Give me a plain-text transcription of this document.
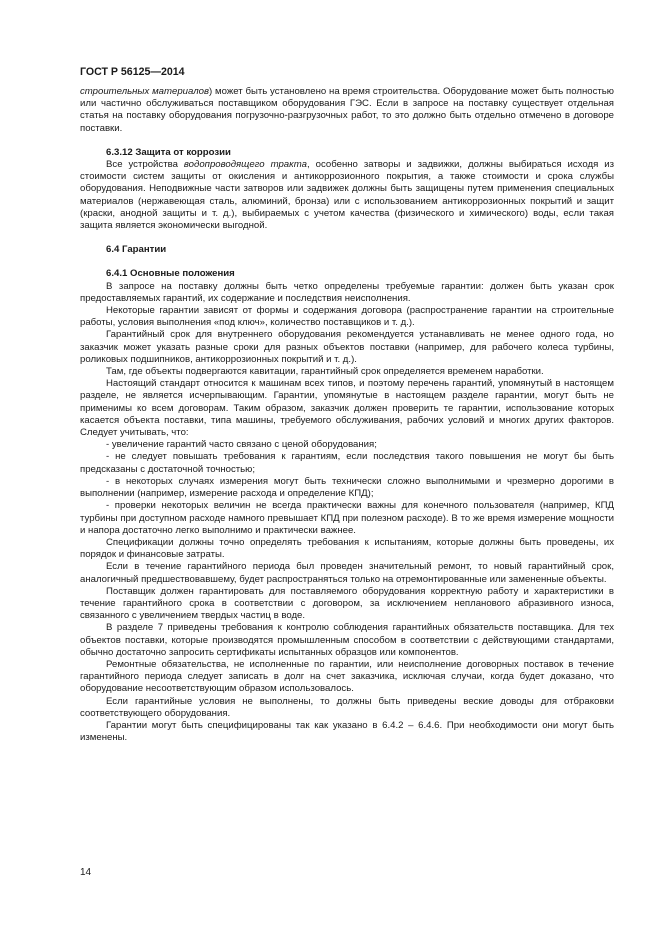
ГОСТ Р 56125—2014

строительных материалов) может быть установлено на время строительства. Оборудование может быть полностью или частично обслуживаться поставщиком оборудования ГЭС. Если в запросе на поставку существует отдельная статья на поставку оборудования погрузочно-разгрузочных работ, то это должно быть отдельно отмечено в договоре поставки.

6.3.12 Защита от коррозии

Все устройства водопроводящего тракта, особенно затворы и задвижки, должны выбираться исходя из стоимости систем защиты от окисления и антикоррозионного покрытия, а также стоимости и срока службы оборудования. Неподвижные части затворов или задвижек должны быть защищены путем применения специальных материалов (нержавеющая сталь, алюминий, бронза) или с использованием антикоррозионных покрытий и защит (краски, анодной защиты и т. д.), выбираемых с учетом качества (физического и химического) воды, если такая защита является экономически выгодной.

6.4 Гарантии
6.4.1 Основные положения

В запросе на поставку должны быть четко определены требуемые гарантии: должен быть указан срок предоставляемых гарантий, их содержание и последствия неисполнения.

Некоторые гарантии зависят от формы и содержания договора (распространение гарантии на строительные работы, условия выполнения «под ключ», количество поставщиков и т. д.).

Гарантийный срок для внутреннего оборудования рекомендуется устанавливать не менее одного года, но заказчик может указать разные сроки для разных объектов поставки (например, для рабочего колеса турбины, роликовых подшипников, антикоррозионных покрытий и т. д.).

Там, где объекты подвергаются кавитации, гарантийный срок определяется временем наработки.

Настоящий стандарт относится к машинам всех типов, и поэтому перечень гарантий, упомянутый в настоящем разделе, не является исчерпывающим. Гарантии, упомянутые в настоящем разделе гарантии, могут быть не применимы ко всем договорам. Таким образом, заказчик должен проверить те гарантии, использование которых касается объекта поставки, типа машины, требуемого обслуживания, рабочих условий и многих других факторов. Следует учитывать, что:

- увеличение гарантий часто связано с ценой оборудования;

- не следует повышать требования к гарантиям, если последствия такого повышения не могут бы быть предсказаны с достаточной точностью;

- в некоторых случаях измерения могут быть технически сложно выполнимыми и чрезмерно дорогими в выполнении (например, измерение расхода и определение КПД);

- проверки некоторых величин не всегда практически важны для конечного пользователя (например, КПД турбины при доступном расходе намного превышает КПД при полезном расходе). В то же время измерение мощности и напора достаточно легко выполнимо и практически важнее.

Спецификации должны точно определять требования к испытаниям, которые должны быть проведены, их порядок и финансовые затраты.

Если в течение гарантийного периода был проведен значительный ремонт, то новый гарантийный срок, аналогичный предшествовавшему, будет распространяться только на отремонтированные или замененные объекты.

Поставщик должен гарантировать для поставляемого оборудования корректную работу и характеристики в течение гарантийного срока в соответствии с договором, за исключением непланового абразивного износа, связанного с увеличением твердых частиц в воде.

В разделе 7 приведены требования к контролю соблюдения гарантийных обязательств поставщика. Для тех объектов поставки, которые производятся промышленным способом в соответствии с действующими стандартами, обычно достаточно запросить сертификаты испытанных образцов или компонентов.

Ремонтные обязательства, не исполненные по гарантии, или неисполнение договорных поставок в течение гарантийного периода следует записать в долг на счет заказчика, исключая случаи, когда будет доказано, что оборудование несоответствующим образом использовалось.

Если гарантийные условия не выполнены, то должны быть приведены веские доводы для отбраковки соответствующего оборудования.

Гарантии могут быть специфицированы так как указано в 6.4.2 – 6.4.6. При необходимости они могут быть изменены.

14
